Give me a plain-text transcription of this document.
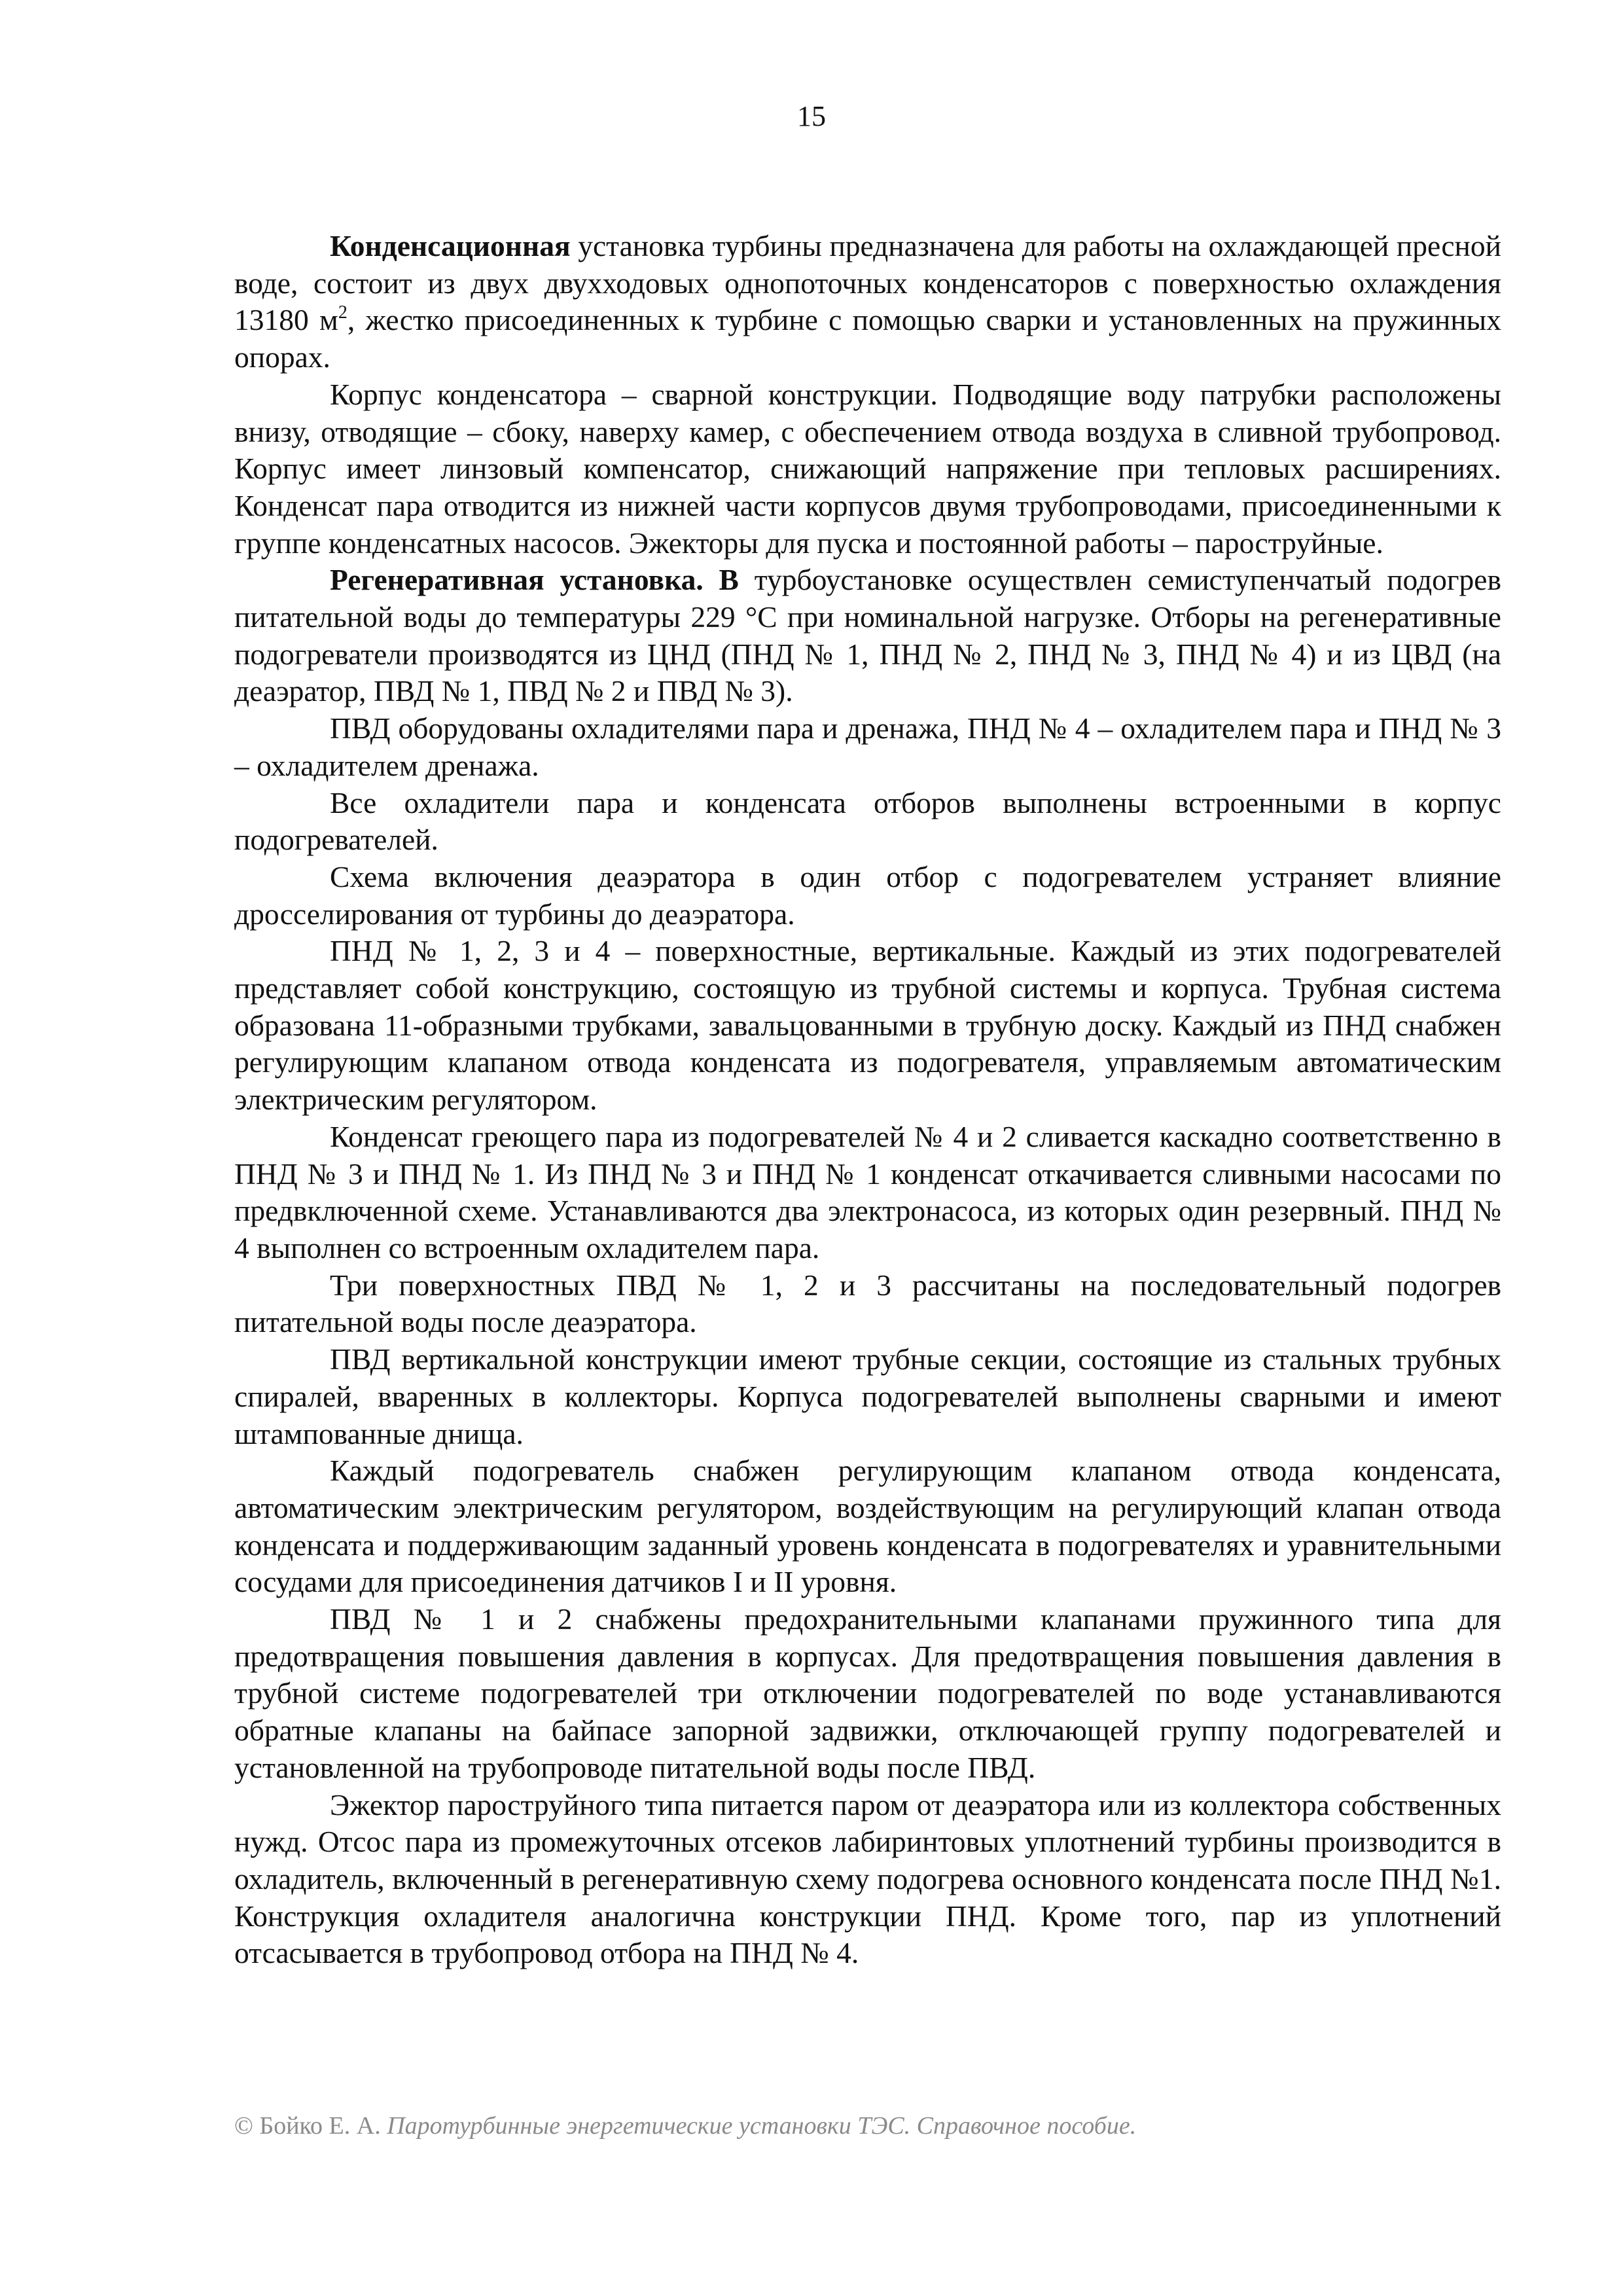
15

Конденсационная установка турбины предназначена для работы на охлаждающей пресной воде, состоит из двух двухходовых однопоточных конденсаторов с поверхностью охлаждения 13180 $м^2$, жестко присоединенных к турбине с помощью сварки и установленных на пружинных опорах.

Корпус конденсатора – сварной конструкции. Подводящие воду патрубки расположены внизу, отводящие – сбоку, наверху камер, с обеспечением отвода воздуха в сливной трубопровод. Корпус имеет линзовый компенсатор, снижающий напряжение при тепловых расширениях. Конденсат пара отводится из нижней части корпусов двумя трубопроводами, присоединенными к группе конденсатных насосов. Эжекторы для пуска и постоянной работы – пароструйные.

Регенеративная установка. В турбоустановке осуществлен семиступенчатый подогрев питательной воды до температуры 229 °С при номинальной нагрузке. Отборы на регенеративные подогреватели производятся из ЦНД (ПНД № 1, ПНД № 2, ПНД № 3, ПНД № 4) и из ЦВД (на деаэратор, ПВД № 1, ПВД № 2 и ПВД № 3).

ПВД оборудованы охладителями пара и дренажа, ПНД № 4 – охладителем пара и ПНД № 3 – охладителем дренажа.

Все охладители пара и конденсата отборов выполнены встроенными в корпус подогревателей.

Схема включения деаэратора в один отбор с подогревателем устраняет влияние дросселирования от турбины до деаэратора.

ПНД № 1, 2, 3 и 4 – поверхностные, вертикальные. Каждый из этих подогревателей представляет собой конструкцию, состоящую из трубной системы и корпуса. Трубная система образована 11-образными трубками, завальцованными в трубную доску. Каждый из ПНД снабжен регулирующим клапаном отвода конденсата из подогревателя, управляемым автоматическим электрическим регулятором.

Конденсат греющего пара из подогревателей № 4 и 2 сливается каскадно соответственно в ПНД № 3 и ПНД № 1. Из ПНД № 3 и ПНД № 1 конденсат откачивается сливными насосами по предвключенной схеме. Устанавливаются два электронасоса, из которых один резервный. ПНД № 4 выполнен со встроенным охладителем пара.

Три поверхностных ПВД № 1, 2 и 3 рассчитаны на последовательный подогрев питательной воды после деаэратора.

ПВД вертикальной конструкции имеют трубные секции, состоящие из стальных трубных спиралей, вваренных в коллекторы. Корпуса подогревателей выполнены сварными и имеют штампованные днища.

Каждый подогреватель снабжен регулирующим клапаном отвода конденсата, автоматическим электрическим регулятором, воздействующим на регулирующий клапан отвода конденсата и поддерживающим заданный уровень конденсата в подогревателях и уравнительными сосудами для присоединения датчиков I и II уровня.

ПВД № 1 и 2 снабжены предохранительными клапанами пружинного типа для предотвращения повышения давления в корпусах. Для предотвращения повышения давления в трубной системе подогревателей три отключении подогревателей по воде устанавливаются обратные клапаны на байпасе запорной задвижки, отключающей группу подогревателей и установленной на трубопроводе питательной воды после ПВД.

Эжектор пароструйного типа питается паром от деаэратора или из коллектора собственных нужд. Отсос пара из промежуточных отсеков лабиринтовых уплотнений турбины производится в охладитель, включенный в регенеративную схему подогрева основного конденсата после ПНД №1. Конструкция охладителя аналогична конструкции ПНД. Кроме того, пар из уплотнений отсасывается в трубопровод отбора на ПНД № 4.

© Бойко Е. А. Паротурбинные энергетические установки ТЭС. Справочное пособие.
